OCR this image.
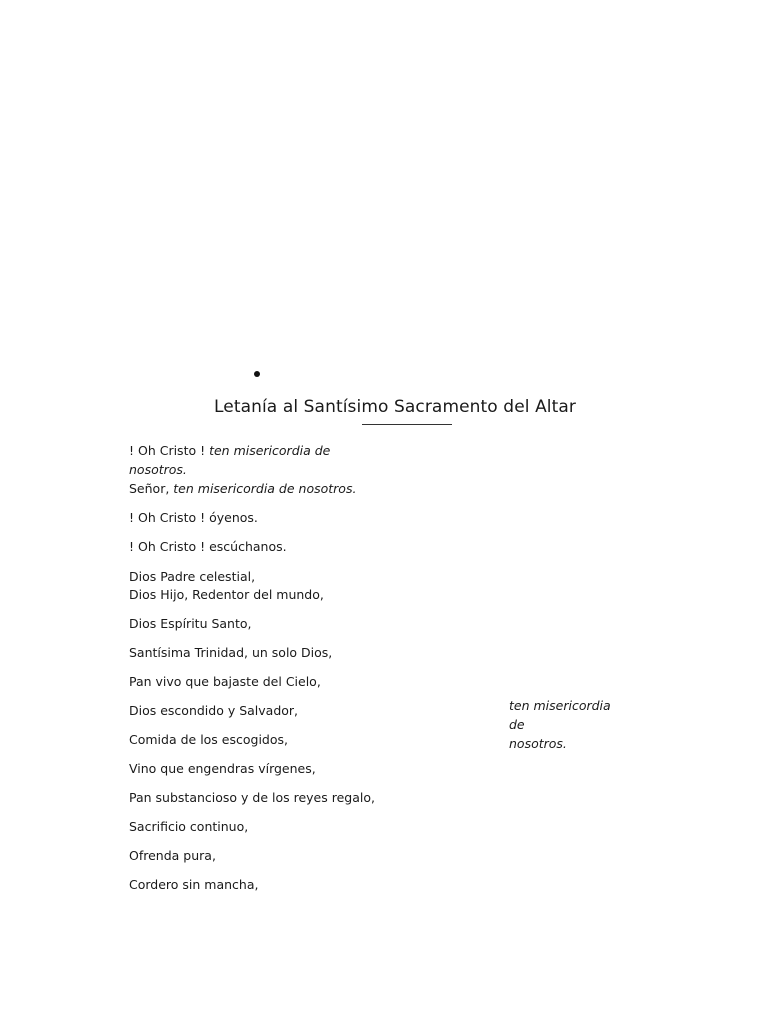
Letanía al Santísimo Sacramento del Altar
! Oh Cristo ! ten misericordia de
nosotros.
Señor, ten misericordia de nosotros.
! Oh Cristo ! óyenos.
! Oh Cristo ! escúchanos.
Dios Padre celestial,
Dios Hijo, Redentor del mundo,
Dios Espíritu Santo,
Santísima Trinidad, un solo Dios,
Pan vivo que bajaste del Cielo,
Dios escondido y Salvador,
Comida de los escogidos,
Vino que engendras vírgenes,
Pan substancioso y de los reyes regalo,
Sacrificio continuo,
Ofrenda pura,
Cordero sin mancha,
ten misericordia de
nosotros.
